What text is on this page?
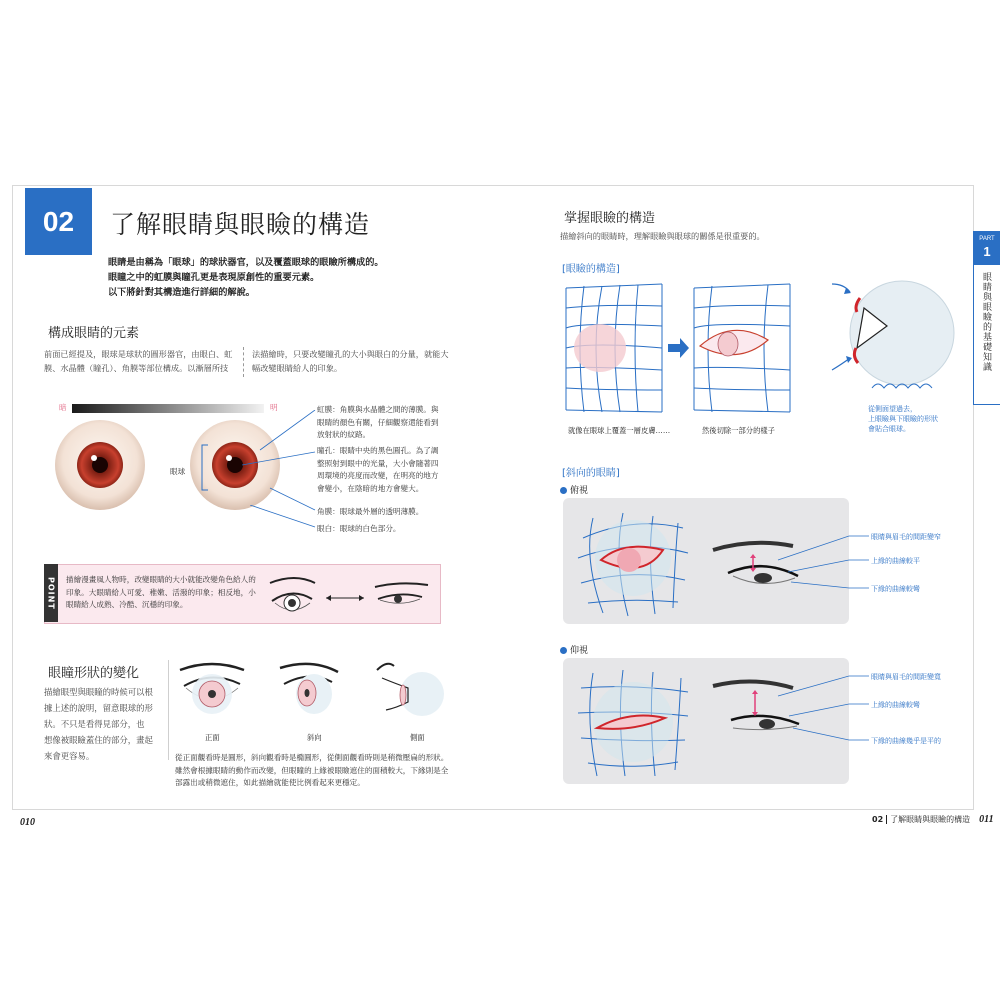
02 了解眼睛與眼瞼的構造
眼睛是由稱為「眼球」的球狀器官，以及覆蓋眼球的眼瞼所構成的。
眼瞳之中的虹膜與瞳孔更是表現原創性的重要元素。
以下將針對其構造進行詳細的解說。
構成眼睛的元素
前面已經提及，眼球是球狀的圓形器官，由眼白、虹
膜、水晶體（瞳孔）、角膜等部位構成。以漸層所技
法描繪時，只要改變瞳孔的大小與眼白的分量，就能大
幅改變眼睛給人的印象。
暗	明
眼球
虹膜：角膜與水晶體之間的薄膜。與
眼睛的顏色有關，仔細觀察還能看到
放射狀的紋路。
瞳孔：眼睛中央的黑色圓孔。為了調
整照射到眼中的光量，大小會隨著四
周環境的亮度而改變，在明亮的地方
會變小，在陰暗的地方會變大。
角膜：眼球最外層的透明薄膜。
眼白：眼球的白色部分。
POINT	描繪漫畫風人物時，改變眼睛的大小就能改變角色給人的
印象。大眼睛給人可愛、稚嫩、活潑的印象；相反地，小
眼睛給人成熟、冷酷、沉穩的印象。
眼瞳形狀的變化
描繪眼型與眼瞳的時候可以根
據上述的說明，留意眼球的形
狀。不只是看得見部分，也
想像被眼瞼蓋住的部分，畫起
來會更容易。
正面	斜向	側面
從正面觀看時是圓形，斜向觀看時是橢圓形，從側面觀看時則是稍微壓扁的形狀。
雖然會根據眼睛的動作而改變，但眼瞳的上緣被眼瞼遮住的面積較大，下緣則是全
部露出或稍微遮住，如此描繪就能使比例看起來更穩定。
掌握眼瞼的構造
描繪斜向的眼睛時，理解眼瞼與眼球的關係是很重要的。
[眼瞼的構造]
就像在眼球上覆蓋一層皮膚……	然後切除一部分的樣子
從側面望過去，
上眼瞼與下眼瞼的形狀
會貼合眼球。
[斜向的眼睛]
俯視
眼睛與眉毛的間距變窄
上緣的曲線較平
下緣的曲線較彎
仰視
眼睛與眉毛的間距變寬
上緣的曲線較彎
下緣的曲線幾乎是平的
PART
1
眼睛與眼瞼的基礎知識
010	02 了解眼睛與眼瞼的構造 011
